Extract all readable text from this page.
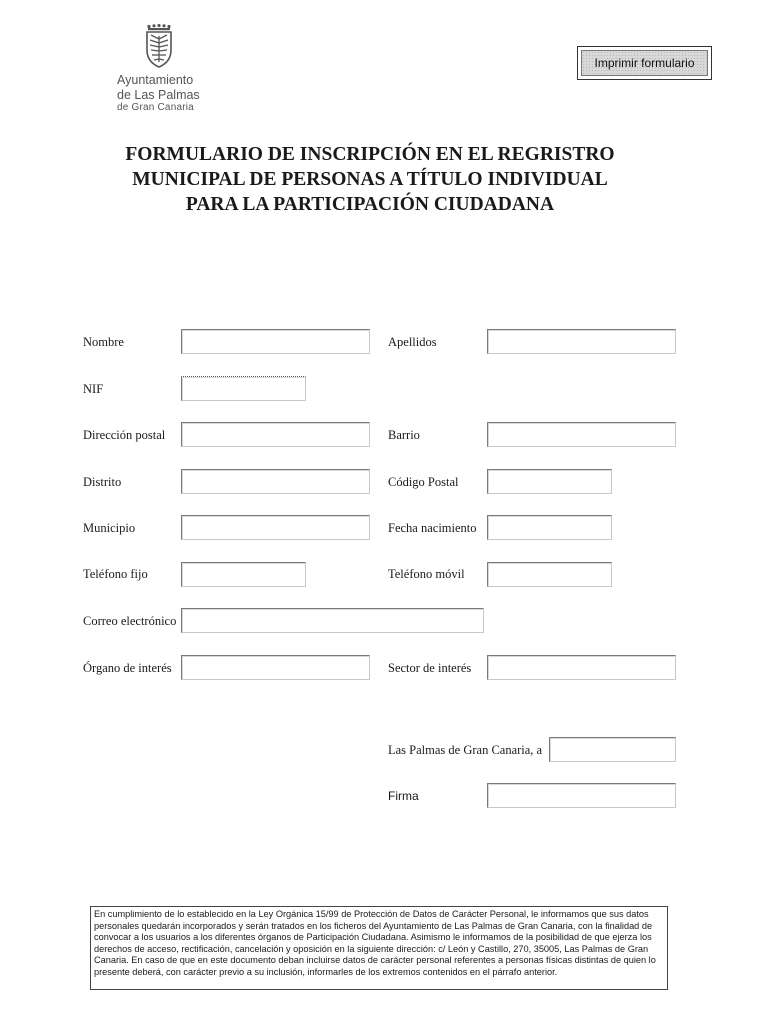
Ayuntamiento
de Las Palmas
de Gran Canaria
Imprimir formulario
FORMULARIO DE INSCRIPCIÓN EN EL REGRISTRO
MUNICIPAL DE PERSONAS A TÍTULO INDIVIDUAL
PARA LA PARTICIPACIÓN CIUDADANA
Nombre	Apellidos
NIF
Dirección postal	Barrio
Distrito	Código Postal
Municipio	Fecha nacimiento
Teléfono fijo	Teléfono móvil
Correo electrónico
Órgano de interés	Sector de interés
Las Palmas de Gran Canaria, a
Firma
En cumplimiento de lo establecido en la Ley Orgánica 15/99 de Protección de Datos de Carácter Personal, le informamos que sus datos personales quedarán incorporados y serán tratados en los ficheros del Ayuntamiento de Las Palmas de Gran Canaria, con la finalidad de convocar a los usuarios a los diferentes órganos de Participación Ciudadana. Asimismo le informamos de la posibilidad de que ejerza los derechos de acceso, rectificación, cancelación y oposición en la siguiente dirección: c/ León y Castillo, 270, 35005, Las Palmas de Gran Canaria. En caso de que en este documento deban incluirse datos de carácter personal referentes a personas físicas distintas de quien lo presente deberá, con carácter previo a su inclusión, informarles de los extremos contenidos en el párrafo anterior.
